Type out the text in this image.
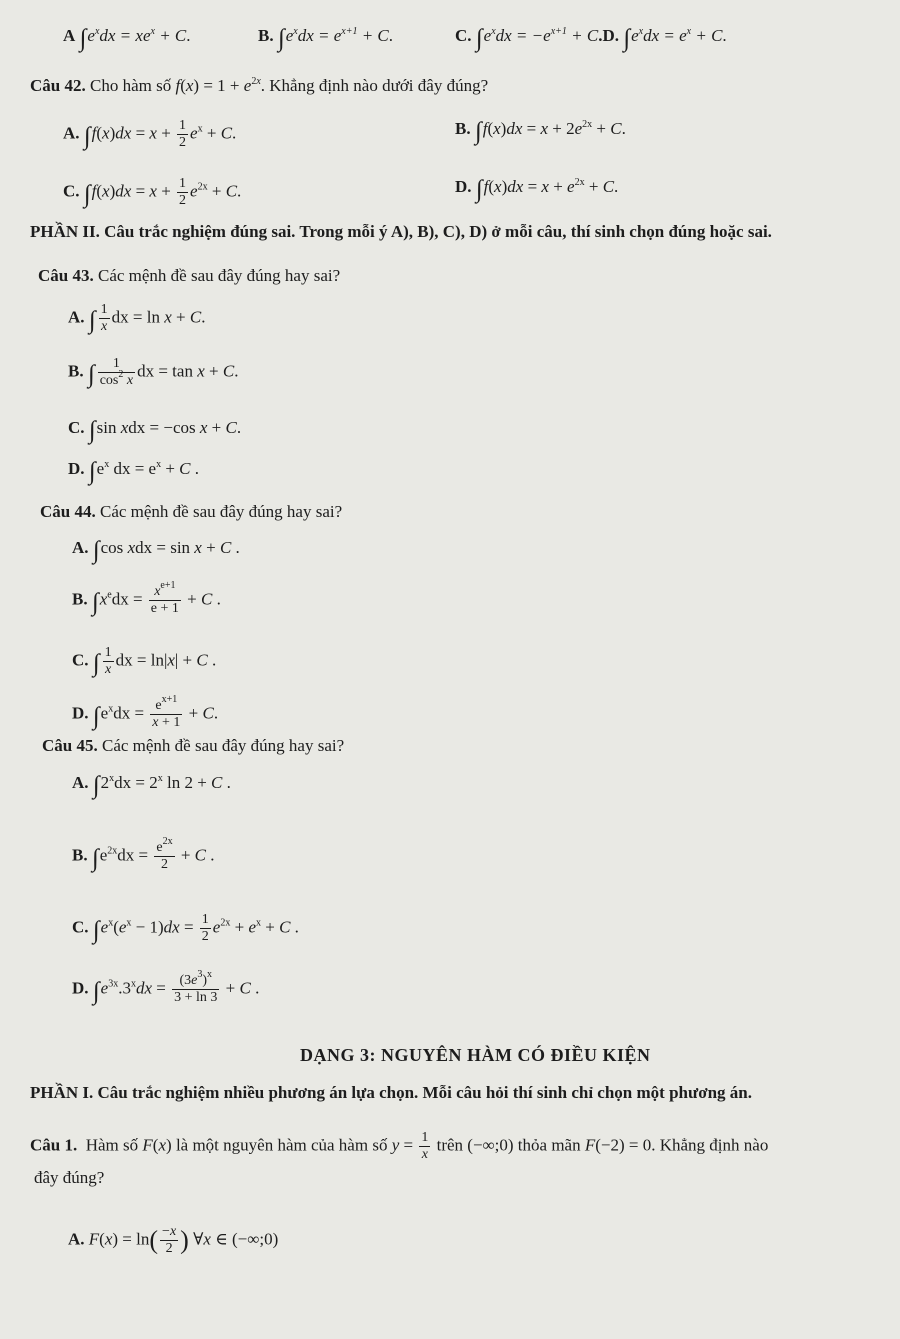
A $\int e^xdx = xe^x + C$.	B. $\int e^xdx = e^{x+1} + C$.	C. $\int e^xdx = -e^{x+1} + C.D$. $\int e^xdx = e^x + C$.
Câu 42. Cho hàm số $f(x) = 1 + e^{2x}$. Khẳng định nào dưới đây đúng?
A. $\int f(x)dx = x + \frac{1}{2} e^x + C$.	B. $\int f(x)dx = x + 2e^{2x} + C$.
C. $\int f(x)dx = x + \frac{1}{2} e^{2x} + C$.	D. $\int f(x)dx = x + e^{2x} + C$.
PHẦN II. Câu trắc nghiệm đúng sai. Trong mỗi ý A), B), C), D) ở mỗi câu, thí sinh chọn đúng hoặc sai.
Câu 43. Các mệnh đề sau đây đúng hay sai?
A. ∫ $\frac{1}{x}$ dx = ln x + C.
B. ∫ $\frac{1}{\cos^2 x}$ dx = tan x + C.
C. ∫sin xdx = −cos x + C.
D. $\int e^x$ dx = $e^x + C$ .
Câu 44. Các mệnh đề sau đây đúng hay sai?
A. ∫cos xdx = sin x + C .
B. $\int x^edx = \frac{x^{e+1}}{e + 1} + C$ .
C. ∫ $\frac{1}{x}$ dx = ln|x| + C .
D. $\int e^xdx = \frac{e^{x+1}}{x + 1} + C$.
Câu 45. Các mệnh đề sau đây đúng hay sai?
A. $\int 2^xdx = 2^x$ ln 2 + C .
B. $\int e^{2x}dx = \frac{e^{2x}}{2} + C$ .
C. $\int e^x(e^x - 1)dx = \frac{1}{2} e^{2x} + e^x + C$ .
D. $\int e^{3x}.3^xdx = \frac{(3e^3)^x}{3 + \ln 3} + C$ .
DẠNG 3: NGUYÊN HÀM CÓ ĐIỀU KIỆN
PHẦN I. Câu trắc nghiệm nhiều phương án lựa chọn. Mỗi câu hỏi thí sinh chỉ chọn một phương án.
Câu 1. Hàm số F(x) là một nguyên hàm của hàm số $y = \frac{1}{x}$ trên (−∞;0) thỏa mãn F(−2) = 0. Khẳng định nào
đây đúng?
A. $F(x) = \ln( \frac{-x}{2}$ ) ∀x ∈ (−∞;0)
